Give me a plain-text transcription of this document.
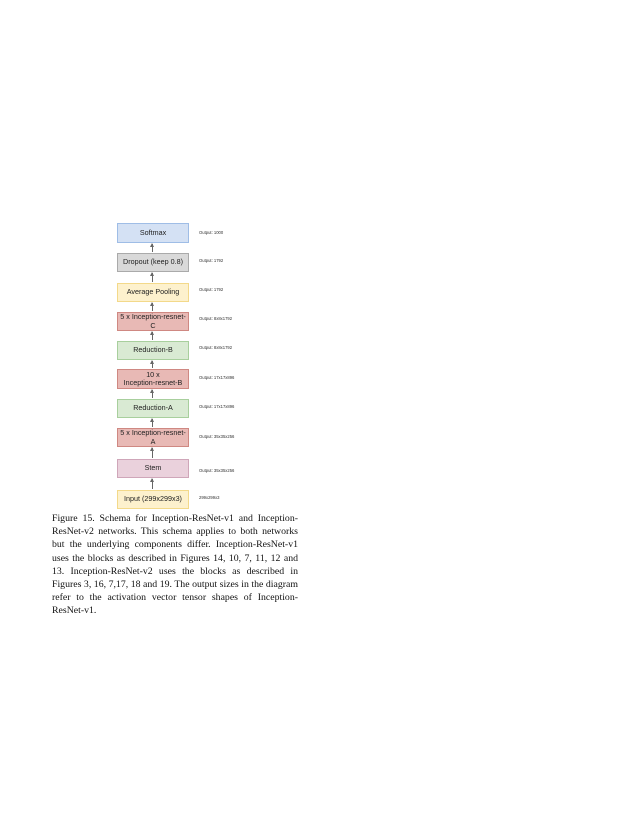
Softmax	Output: 1000
Dropout (keep 0.8)	Output: 1792
Average Pooling	Output: 1792
5 x Inception-resnet-C
Output: 8x8x1792
Reduction-B	Output: 8x8x1792
10 x
Inception-resnet-B
Output: 17x17x896
Reduction-A	Output: 17x17x896
5 x Inception-resnet-A	Output: 35x35x256
Stem	Output: 35x35x256
Input (299x299x3)	299x299x3
Figure 15. Schema for Inception-ResNet-v1 and Inception-ResNet-v2 networks. This schema applies to both networks but the underlying components differ. Inception-ResNet-v1 uses the blocks as described in Figures 14, 10, 7, 11, 12 and 13. Inception-ResNet-v2 uses the blocks as described in Figures 3, 16, 7,17, 18 and 19. The output sizes in the diagram refer to the activation vector tensor shapes of Inception-ResNet-v1.
